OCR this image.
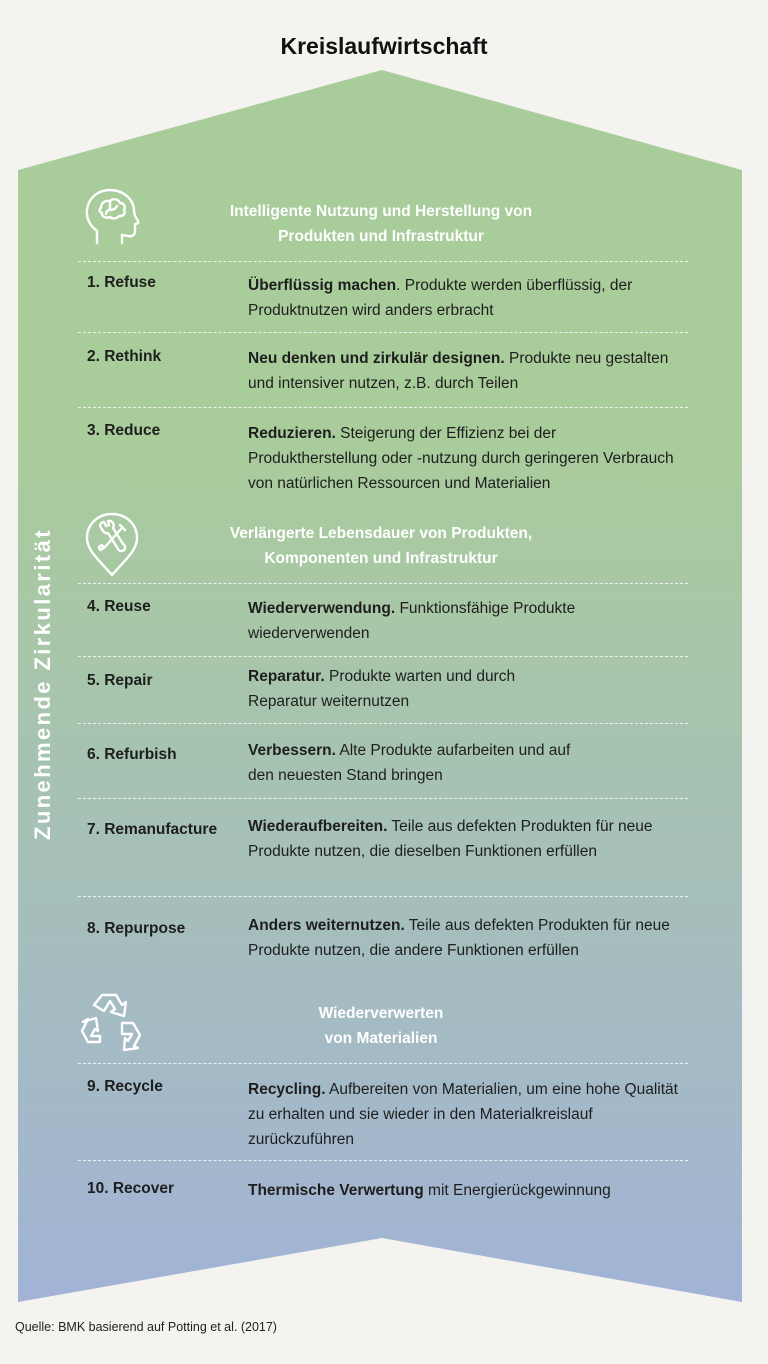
Kreislaufwirtschaft
Zunehmende Zirkularität
Intelligente Nutzung und Herstellung von
Produkten und Infrastruktur
1. Refuse	Überflüssig machen. Produkte werden überflüssig, der Produktnutzen wird anders erbracht
2. Rethink	Neu denken und zirkulär designen. Produkte neu gestalten und intensiver nutzen, z.B. durch Teilen
3. Reduce	Reduzieren. Steigerung der Effizienz bei der Produktherstellung oder -nutzung durch geringeren Verbrauch von natürlichen Ressourcen und Materialien
Verlängerte Lebensdauer von Produkten,
Komponenten und Infrastruktur
4. Reuse	Wiederverwendung. Funktionsfähige Produkte wiederverwenden
5. Repair	Reparatur. Produkte warten und durch Reparatur weiternutzen
6. Refurbish	Verbessern. Alte Produkte aufarbeiten und auf den neuesten Stand bringen
7. Remanufacture Wiederaufbereiten. Teile aus defekten Produkten für neue Produkte nutzen, die dieselben Funktionen erfüllen
8. Repurpose	Anders weiternutzen. Teile aus defekten Produkten für neue Produkte nutzen, die andere Funktionen erfüllen
Wiederverwerten
von Materialien
9. Recycle	Recycling. Aufbereiten von Materialien, um eine hohe Qualität zu erhalten und sie wieder in den Materialkreislauf zurückzuführen
10. Recover	Thermische Verwertung mit Energierückgewinnung
Quelle: BMK basierend auf Potting et al. (2017)
